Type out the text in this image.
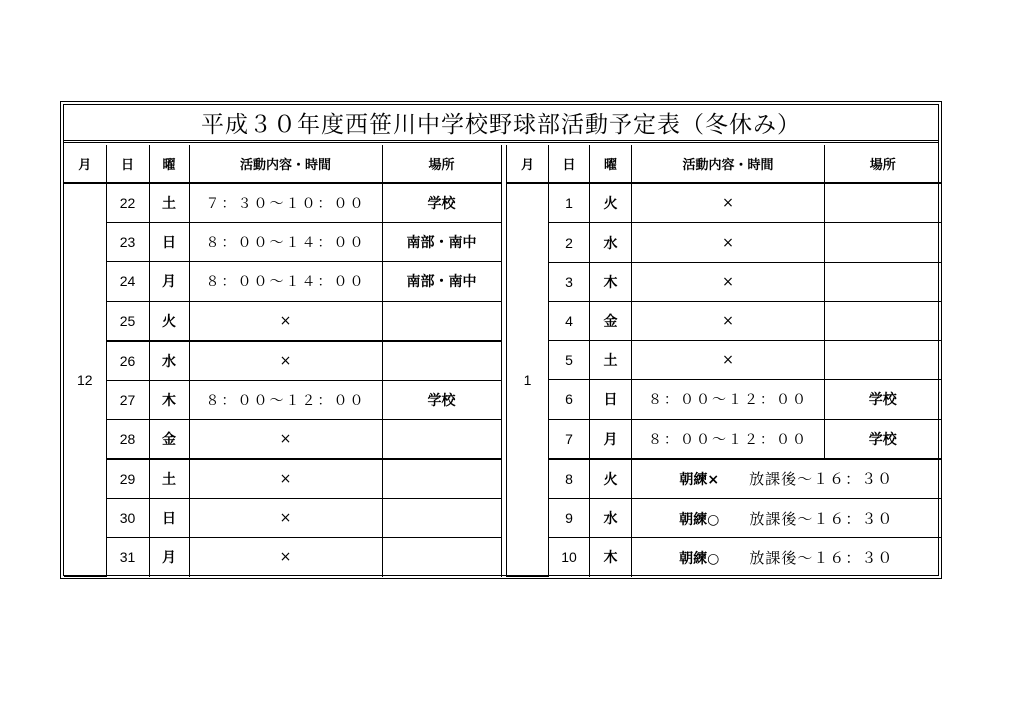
平成３０年度西笹川中学校野球部活動予定表（冬休み）
月	日	曜	活動内容・時間	場所
12	22	土	７：３０～１０：００	学校
	23	日	８：００～１４：００	南部・南中
	24	月	８：００～１４：００	南部・南中
	25	火	×	
	26	水	×	
	27	木	８：００～１２：００	学校
	28	金	×	
	29	土	×	
	30	日	×	
	31	月	×	
月	日	曜	活動内容・時間	場所
1	1	火	×	
	2	水	×	
	3	木	×	
	4	金	×	
	5	土	×	
	6	日	８：００～１２：００	学校
	7	月	８：００～１２：００	学校
	8	火	朝練× 放課後～１６：３０	
	9	水	朝練○ 放課後～１６：３０	
	10	木	朝練○ 放課後～１６：３０	
